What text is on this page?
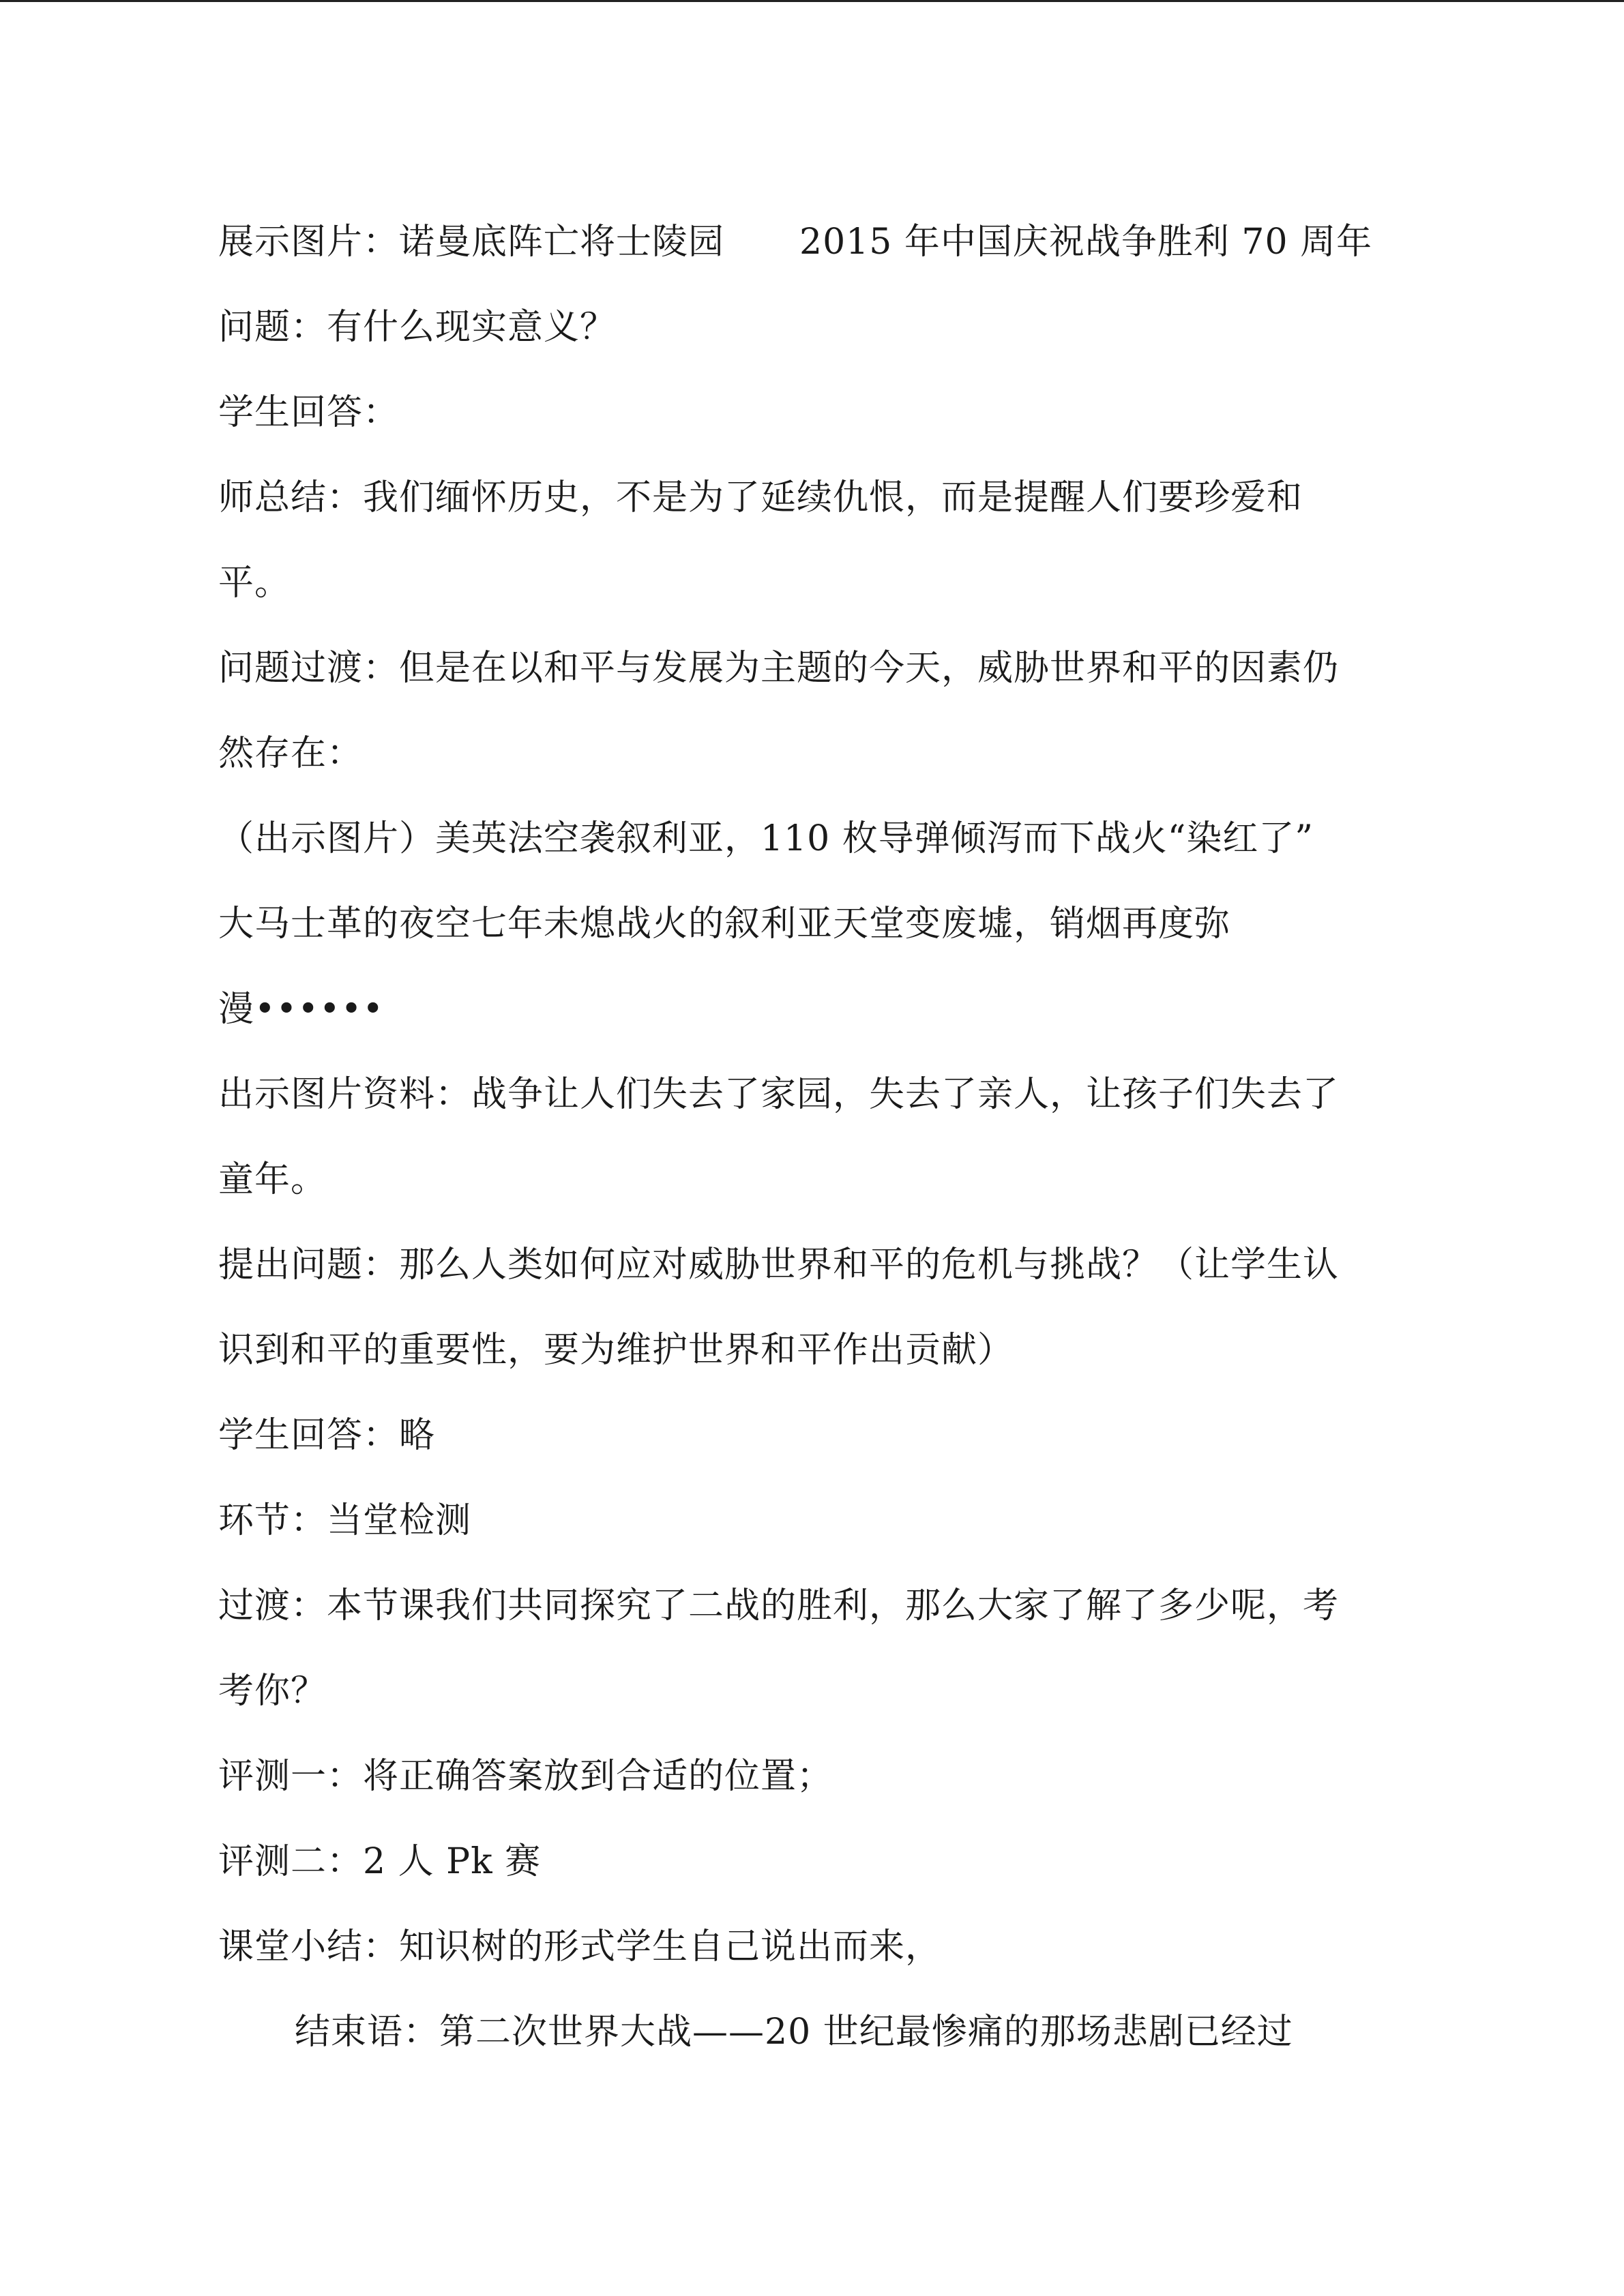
展示图片：诺曼底阵亡将士陵园 2015 年中国庆祝战争胜利 70 周年
问题：有什么现实意义？
学生回答：
师总结：我们缅怀历史，不是为了延续仇恨，而是提醒人们要珍爱和
平。
问题过渡：但是在以和平与发展为主题的今天，威胁世界和平的因素仍
然存在：
（出示图片）美英法空袭叙利亚，110 枚导弹倾泻而下战火“染红了”
大马士革的夜空七年未熄战火的叙利亚天堂变废墟，销烟再度弥
漫••••••
出示图片资料：战争让人们失去了家园，失去了亲人，让孩子们失去了
童年。
提出问题：那么人类如何应对威胁世界和平的危机与挑战？（让学生认
识到和平的重要性，要为维护世界和平作出贡献）
学生回答：略
环节：当堂检测
过渡：本节课我们共同探究了二战的胜利，那么大家了解了多少呢，考
考你？
评测一：将正确答案放到合适的位置；
评测二：2 人 Pk 赛
课堂小结：知识树的形式学生自己说出而来，
结束语：第二次世界大战——20 世纪最惨痛的那场悲剧已经过
